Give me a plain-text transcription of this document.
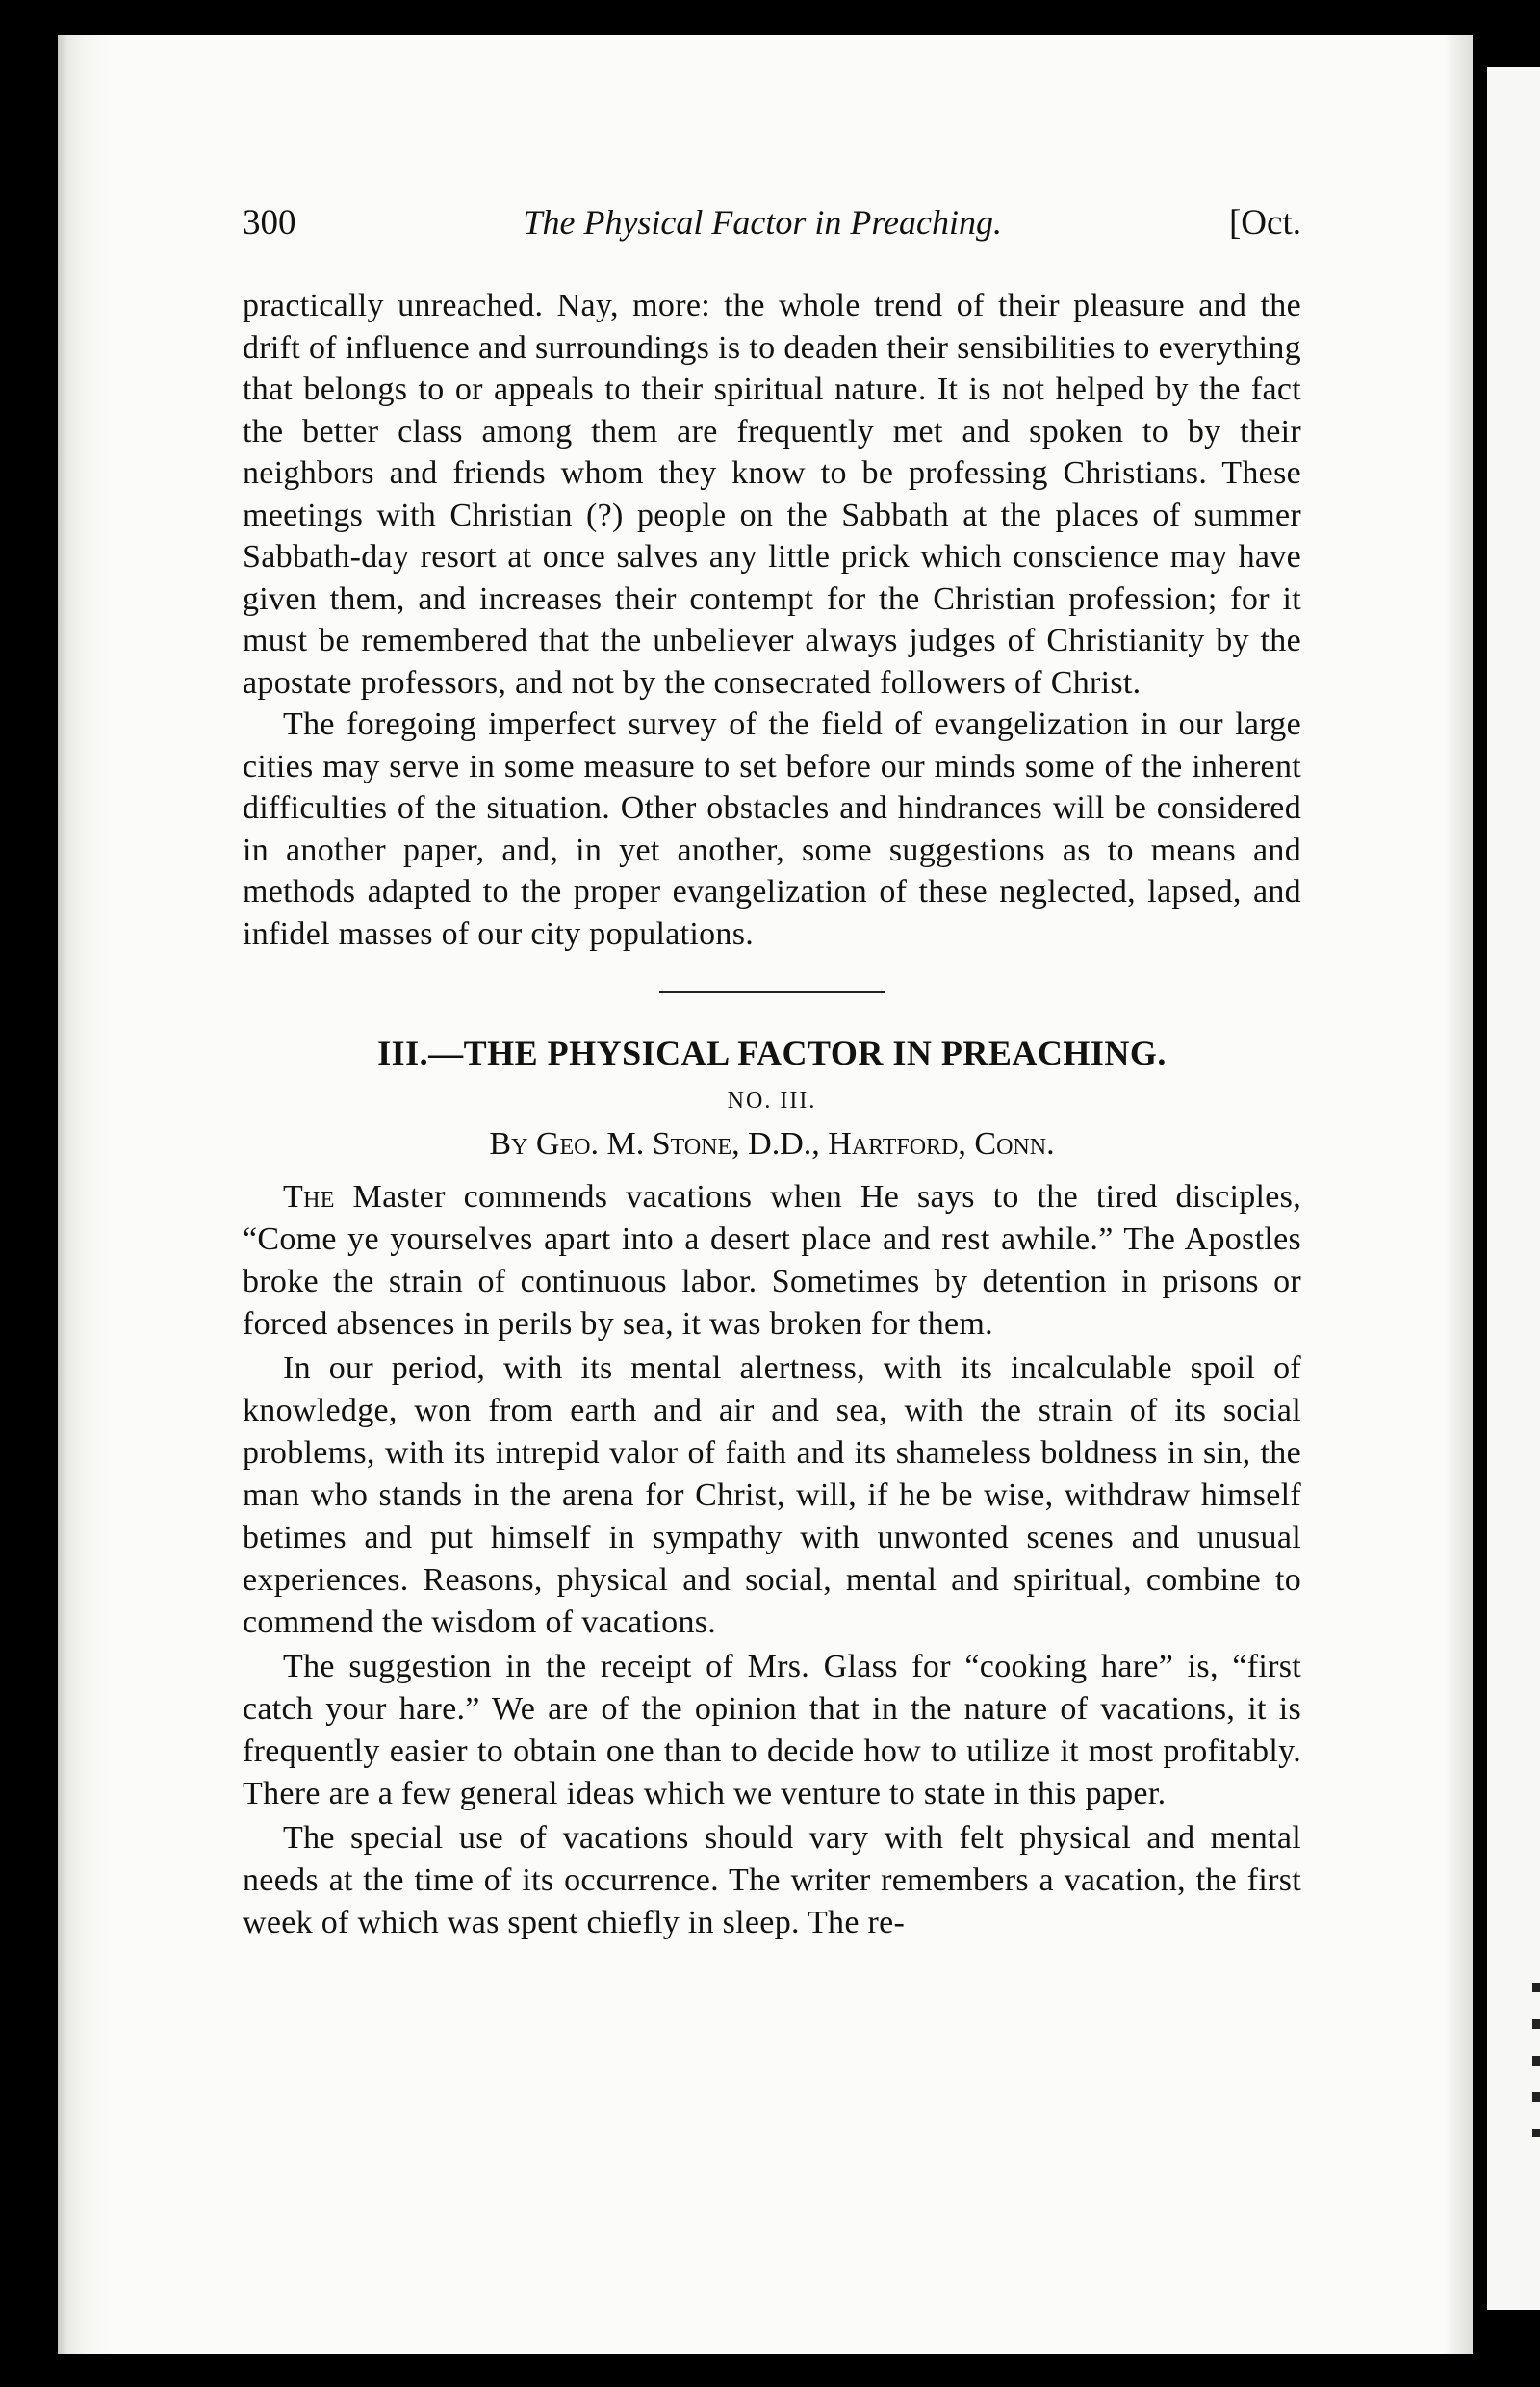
300	The Physical Factor in Preaching.	[Oct.

practically unreached. Nay, more: the whole trend of their pleasure and the drift of influence and surroundings is to deaden their sensibilities to everything that belongs to or appeals to their spiritual nature. It is not helped by the fact the better class among them are frequently met and spoken to by their neighbors and friends whom they know to be professing Christians. These meetings with Christian (?) people on the Sabbath at the places of summer Sabbath-day resort at once salves any little prick which conscience may have given them, and increases their contempt for the Christian profession; for it must be remembered that the unbeliever always judges of Christianity by the apostate professors, and not by the consecrated followers of Christ.

The foregoing imperfect survey of the field of evangelization in our large cities may serve in some measure to set before our minds some of the inherent difficulties of the situation. Other obstacles and hindrances will be considered in another paper, and, in yet another, some suggestions as to means and methods adapted to the proper evangelization of these neglected, lapsed, and infidel masses of our city populations.

III.—THE PHYSICAL FACTOR IN PREACHING.
NO. III.
By Geo. M. Stone, D.D., Hartford, Conn.

The Master commends vacations when He says to the tired disciples, “Come ye yourselves apart into a desert place and rest awhile.” The Apostles broke the strain of continuous labor. Sometimes by detention in prisons or forced absences in perils by sea, it was broken for them.

In our period, with its mental alertness, with its incalculable spoil of knowledge, won from earth and air and sea, with the strain of its social problems, with its intrepid valor of faith and its shameless boldness in sin, the man who stands in the arena for Christ, will, if he be wise, withdraw himself betimes and put himself in sympathy with unwonted scenes and unusual experiences. Reasons, physical and social, mental and spiritual, combine to commend the wisdom of vacations.

The suggestion in the receipt of Mrs. Glass for “cooking hare” is, “first catch your hare.” We are of the opinion that in the nature of vacations, it is frequently easier to obtain one than to decide how to utilize it most profitably. There are a few general ideas which we venture to state in this paper.

The special use of vacations should vary with felt physical and mental needs at the time of its occurrence. The writer remembers a vacation, the first week of which was spent chiefly in sleep. The re-
